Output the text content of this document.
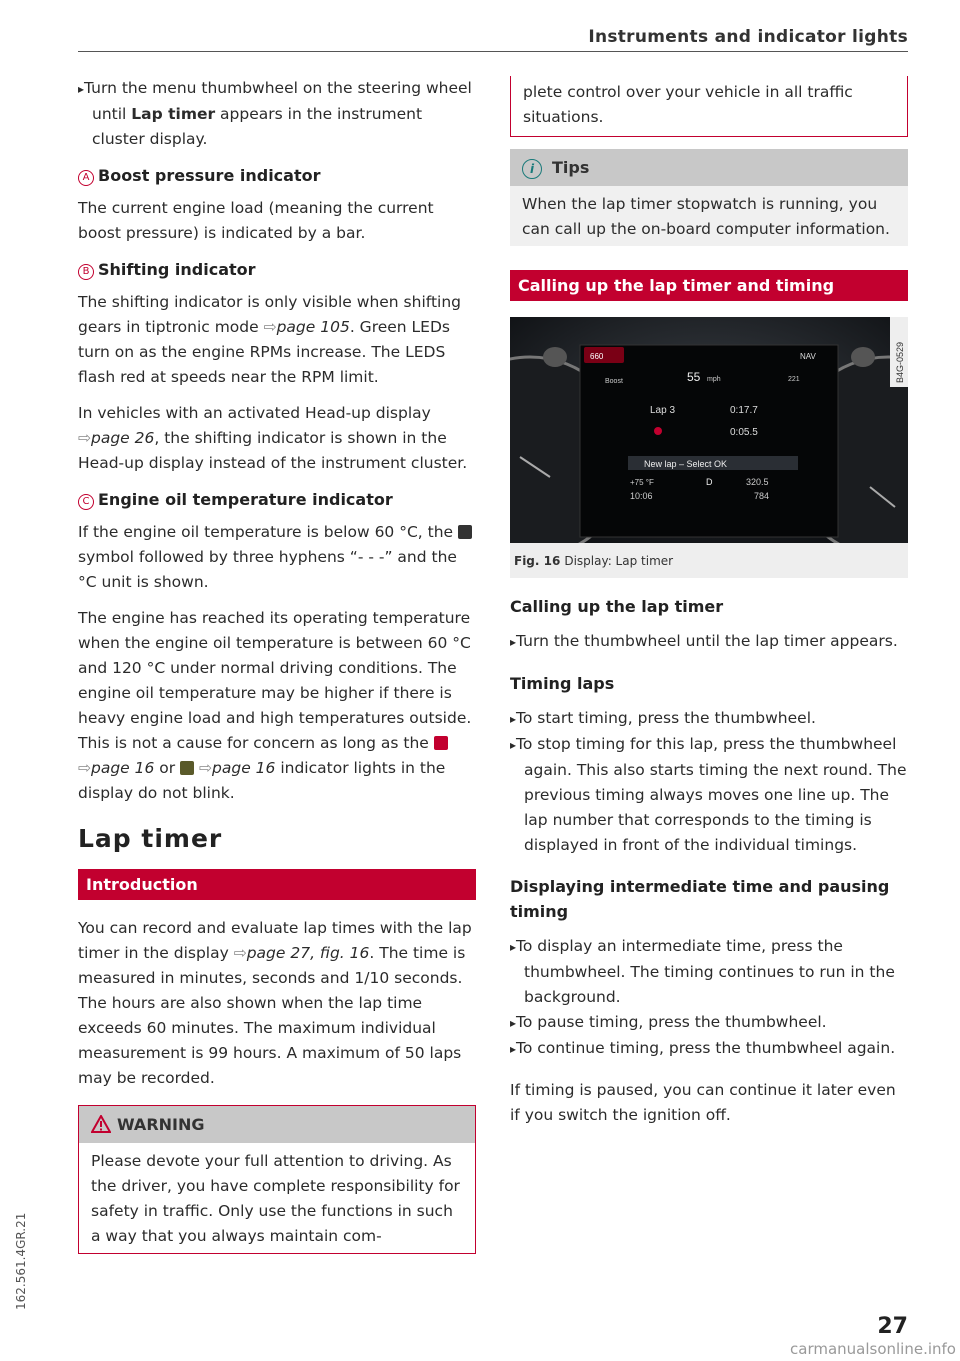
Instruments and indicator lights

▸ Turn the menu thumbwheel on the steering wheel until Lap timer appears in the instrument cluster display.

A Boost pressure indicator

The current engine load (meaning the current boost pressure) is indicated by a bar.

B Shifting indicator

The shifting indicator is only visible when shifting gears in tiptronic mode ⇨page 105. Green LEDs turn on as the engine RPMs increase. The LEDS flash red at speeds near the RPM limit.

In vehicles with an activated Head-up display ⇨page 26, the shifting indicator is shown in the Head-up display instead of the instrument cluster.

C Engine oil temperature indicator

If the engine oil temperature is below 60 °C, the  symbol followed by three hyphens “- - -” and the °C unit is shown.

The engine has reached its operating temperature when the engine oil temperature is between 60 °C and 120 °C under normal driving conditions. The engine oil temperature may be higher if there is heavy engine load and high temperatures outside. This is not a cause for concern as long as the  ⇨page 16 or  ⇨page 16 indicator lights in the display do not blink.

Lap timer
Introduction

You can record and evaluate lap times with the lap timer in the display ⇨page 27, fig. 16. The time is measured in minutes, seconds and 1/10 seconds. The hours are also shown when the lap time exceeds 60 minutes. The maximum individual measurement is 99 hours. A maximum of 50 laps may be recorded.

WARNING
Please devote your full attention to driving. As the driver, you have complete responsibility for safety in traffic. Only use the functions in such a way that you always maintain com-
plete control over your vehicle in all traffic situations.
i Tips
When the lap timer stopwatch is running, you can call up the on-board computer information.
Calling up the lap timer and timing
660	NAV
Boost	55 mph	221
Lap 3	0:17.7
0:05.5
New lap – Select OK
+75 °F	D	320.5
10:06	784
B4G-0529
Fig. 16 Display: Lap timer
Calling up the lap timer

▸ Turn the thumbwheel until the lap timer appears.

Timing laps

▸ To start timing, press the thumbwheel.

▸ To stop timing for this lap, press the thumbwheel again. This also starts timing the next round. The previous timing always moves one line up. The lap number that corresponds to the timing is displayed in front of the individual timings.

Displaying intermediate time and pausing timing

▸ To display an intermediate time, press the thumbwheel. The timing continues to run in the background.

▸ To pause timing, press the thumbwheel.

▸ To continue timing, press the thumbwheel again.

If timing is paused, you can continue it later even if you switch the ignition off.

27
162.561.4GR.21
carmanualsonline.info
